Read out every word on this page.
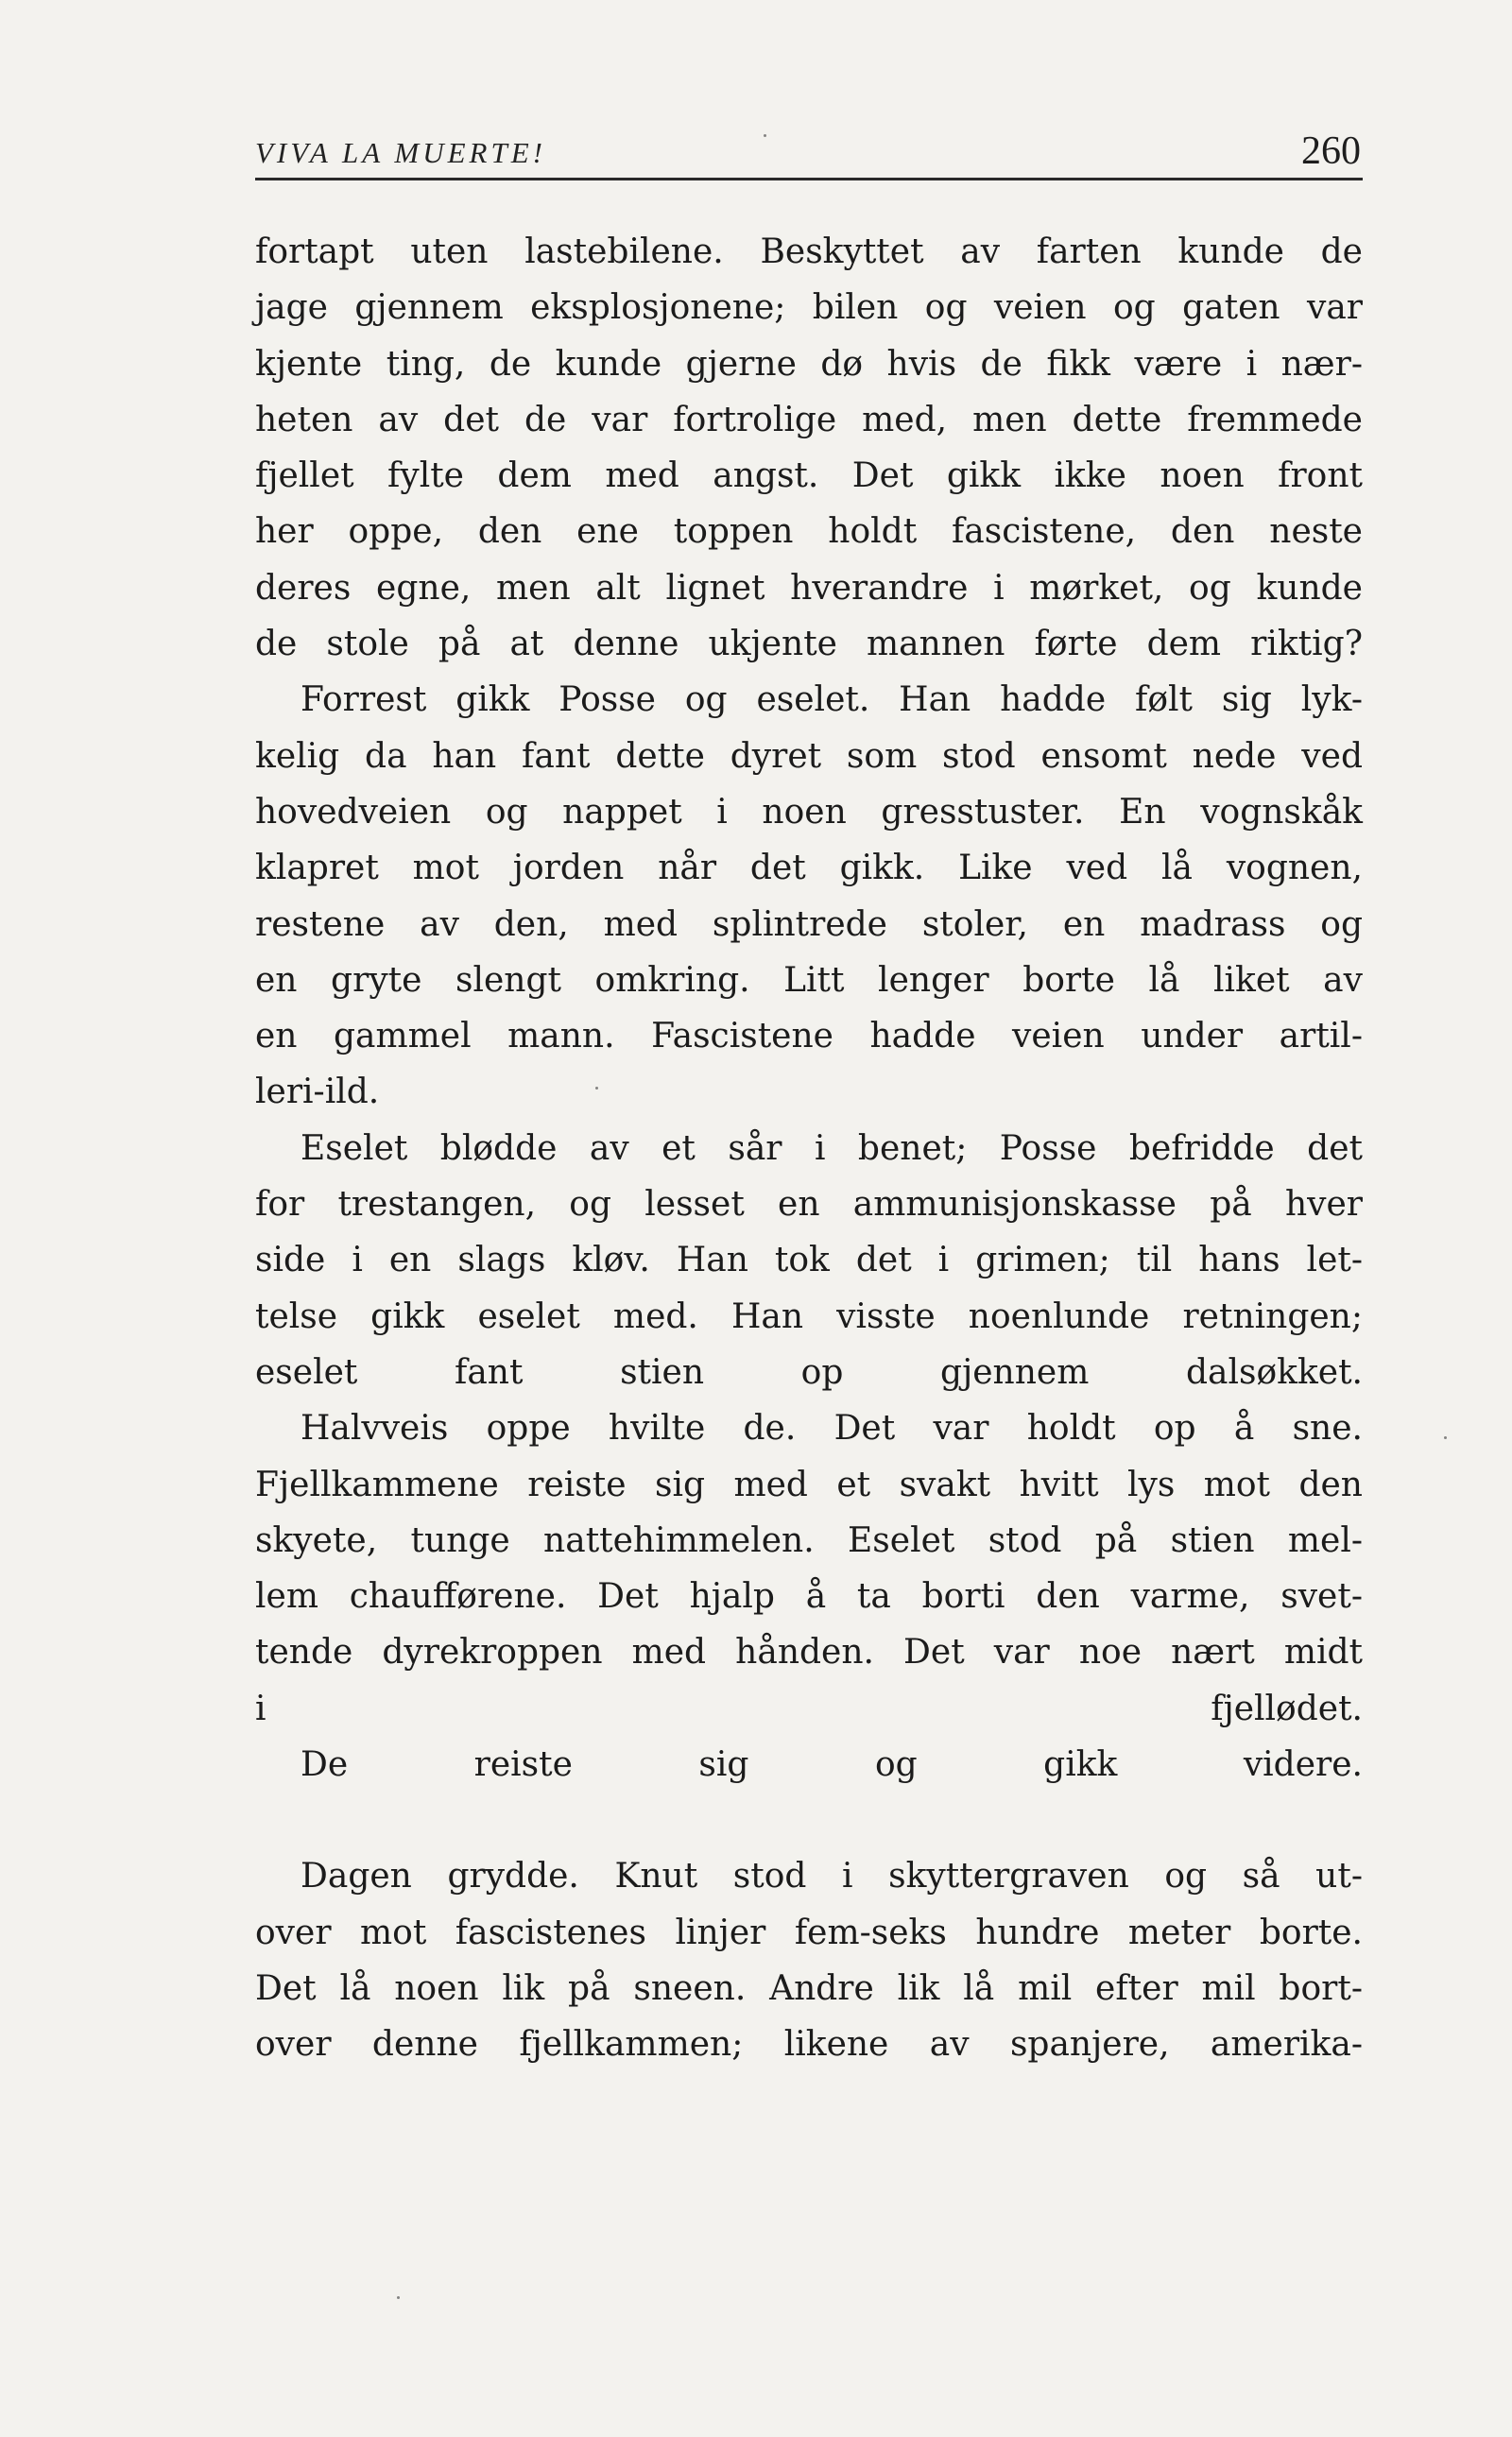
VIVA LA MUERTE!	260
fortapt uten lastebilene. Beskyttet av farten kunde de
jage gjennem eksplosjonene; bilen og veien og gaten var
kjente ting, de kunde gjerne dø hvis de fikk være i nær-
heten av det de var fortrolige med, men dette fremmede
fjellet fylte dem med angst. Det gikk ikke noen front
her oppe, den ene toppen holdt fascistene, den neste
deres egne, men alt lignet hverandre i mørket, og kunde
de stole på at denne ukjente mannen førte dem riktig?
Forrest gikk Posse og eselet. Han hadde følt sig lyk-
kelig da han fant dette dyret som stod ensomt nede ved
hovedveien og nappet i noen gresstuster. En vognskåk
klapret mot jorden når det gikk. Like ved lå vognen,
restene av den, med splintrede stoler, en madrass og
en gryte slengt omkring. Litt lenger borte lå liket av
en gammel mann. Fascistene hadde veien under artil-
leri-ild.
Eselet blødde av et sår i benet; Posse befridde det
for trestangen, og lesset en ammunisjonskasse på hver
side i en slags kløv. Han tok det i grimen; til hans let-
telse gikk eselet med. Han visste noenlunde retningen;
eselet fant stien op gjennem dalsøkket.
Halvveis oppe hvilte de. Det var holdt op å sne.
Fjellkammene reiste sig med et svakt hvitt lys mot den
skyete, tunge nattehimmelen. Eselet stod på stien mel-
lem chaufførene. Det hjalp å ta borti den varme, svet-
tende dyrekroppen med hånden. Det var noe nært midt
i fjellødet.
De reiste sig og gikk videre.
Dagen grydde. Knut stod i skyttergraven og så ut-
over mot fascistenes linjer fem-seks hundre meter borte.
Det lå noen lik på sneen. Andre lik lå mil efter mil bort-
over denne fjellkammen; likene av spanjere, amerika-
